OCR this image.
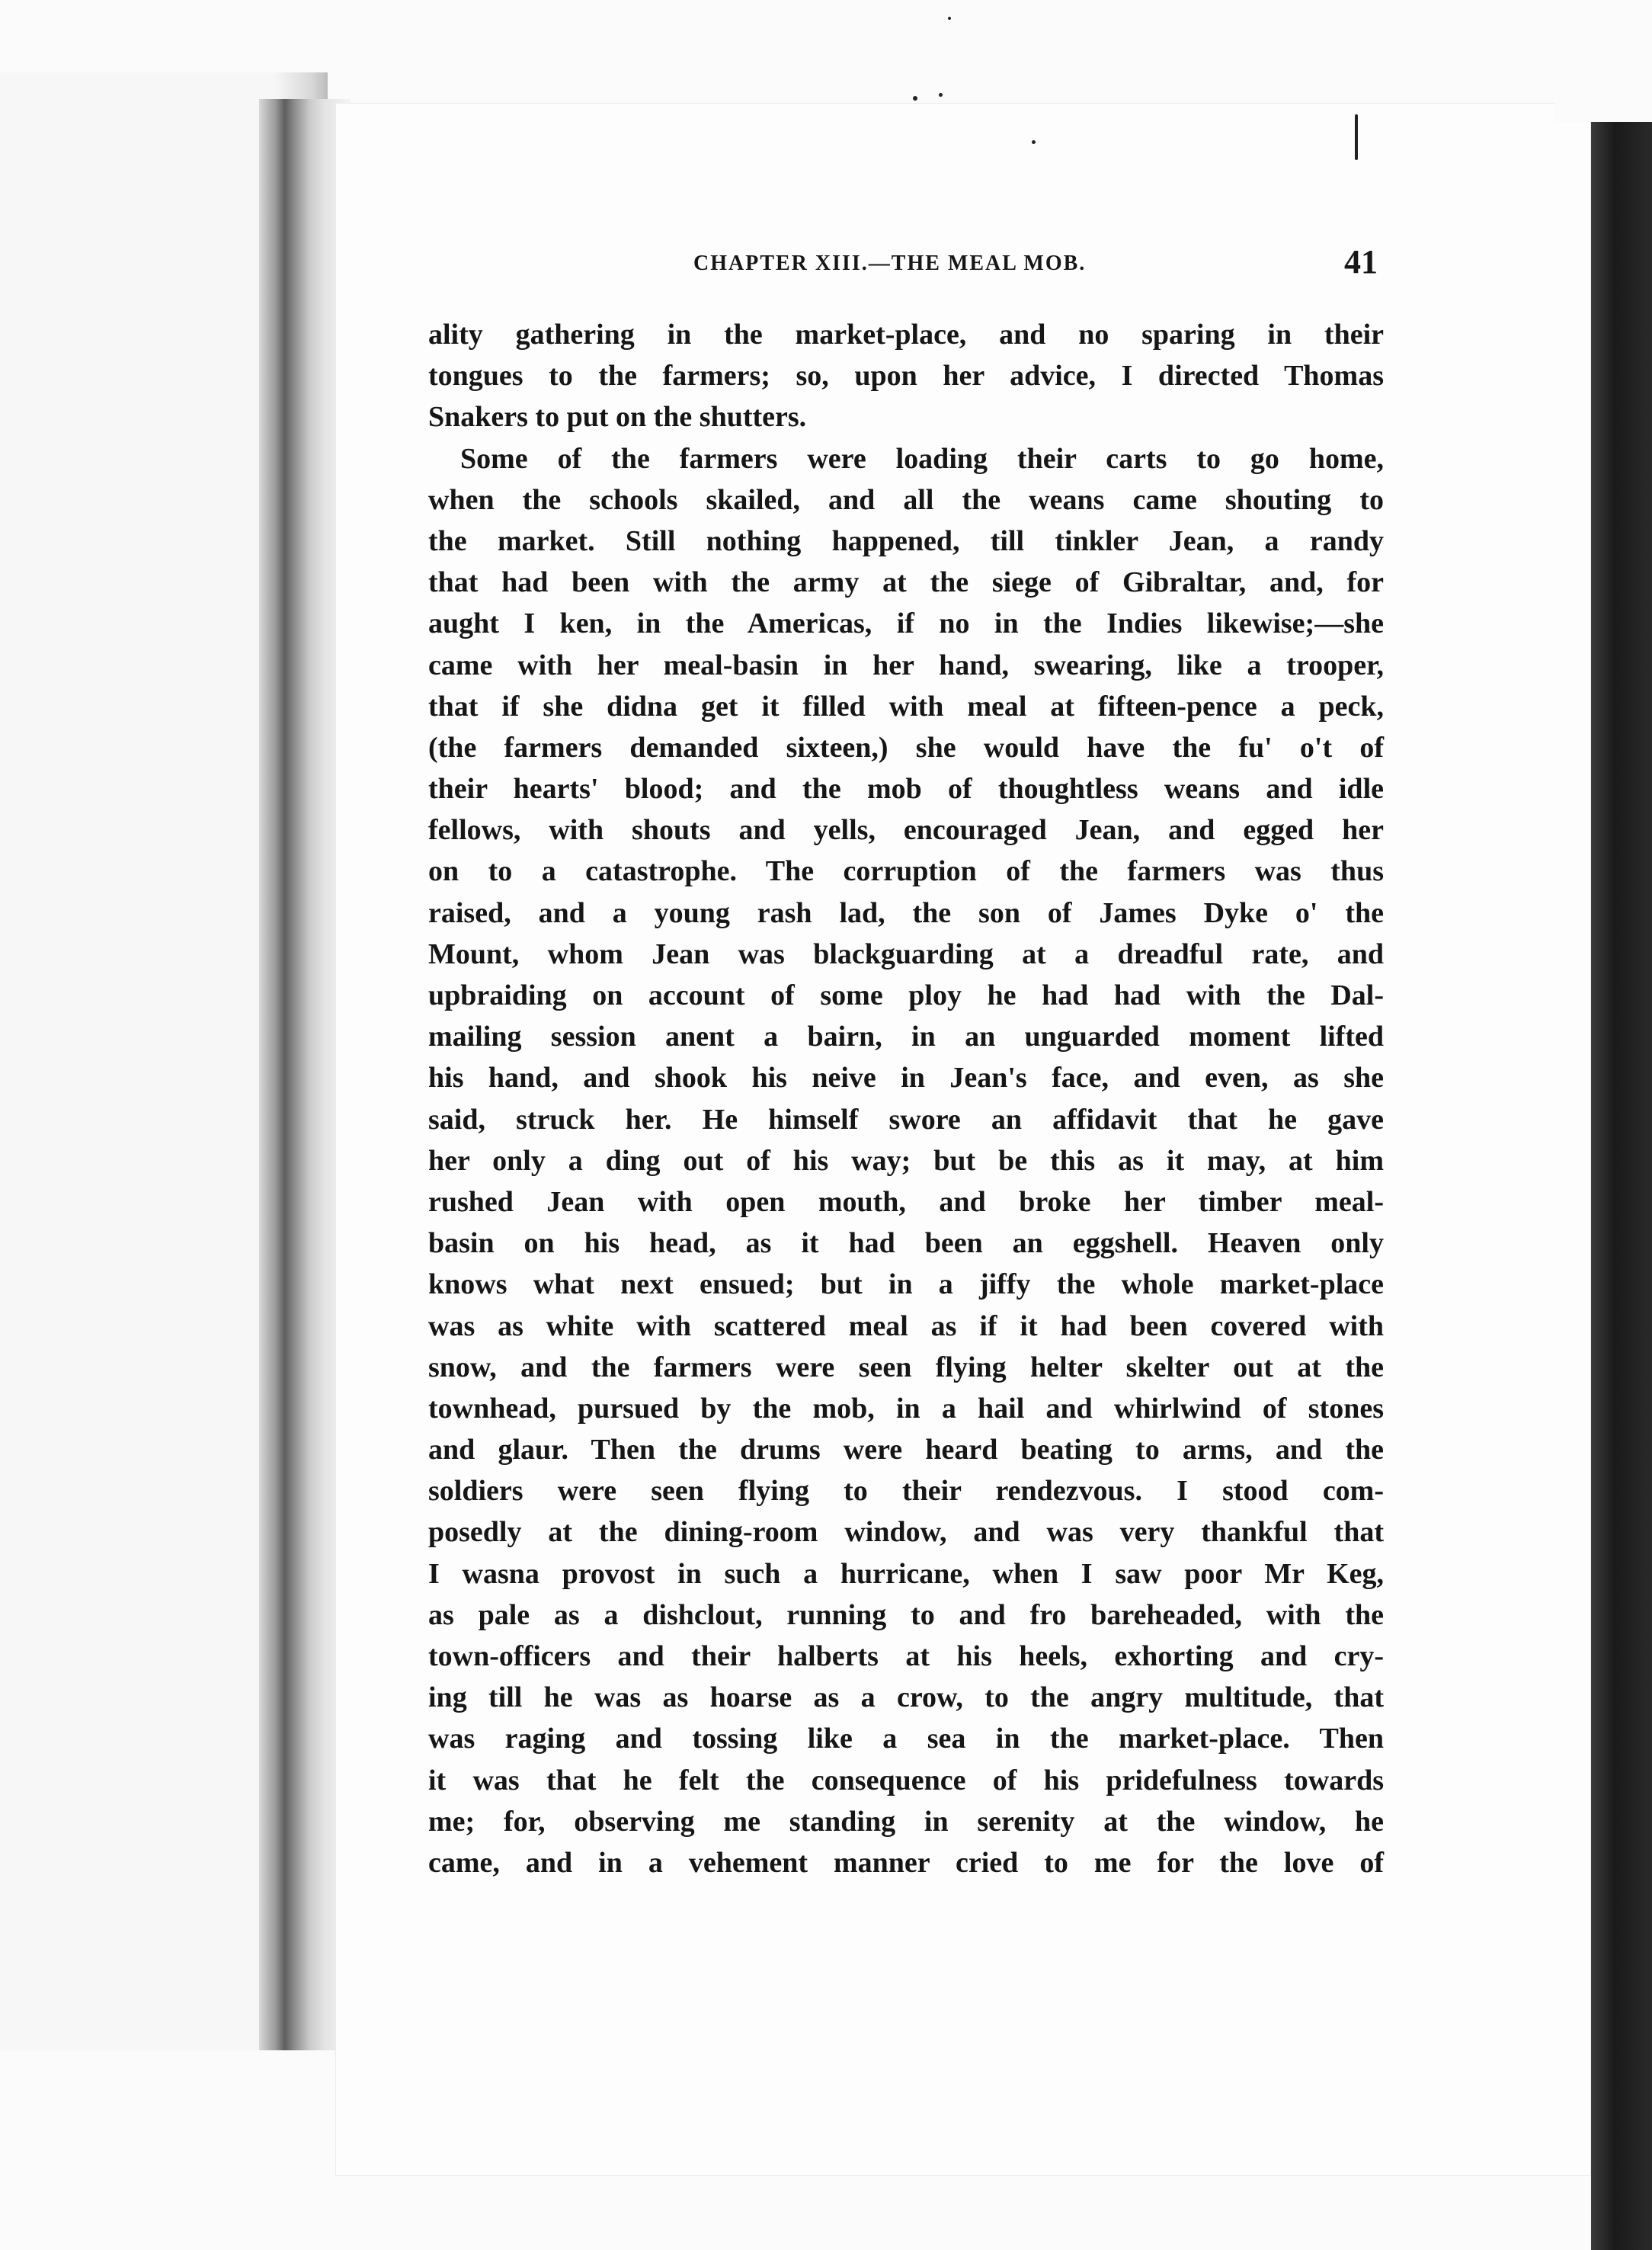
CHAPTER XIII.—THE MEAL MOB.	41
ality gathering in the market-place, and no sparing in their
tongues to the farmers; so, upon her advice, I directed Thomas
Snakers to put on the shutters.
Some of the farmers were loading their carts to go home,
when the schools skailed, and all the weans came shouting to
the market. Still nothing happened, till tinkler Jean, a randy
that had been with the army at the siege of Gibraltar, and, for
aught I ken, in the Americas, if no in the Indies likewise;—she
came with her meal-basin in her hand, swearing, like a trooper,
that if she didna get it filled with meal at fifteen-pence a peck,
(the farmers demanded sixteen,) she would have the fu' o't of
their hearts' blood; and the mob of thoughtless weans and idle
fellows, with shouts and yells, encouraged Jean, and egged her
on to a catastrophe. The corruption of the farmers was thus
raised, and a young rash lad, the son of James Dyke o' the
Mount, whom Jean was blackguarding at a dreadful rate, and
upbraiding on account of some ploy he had had with the Dal-
mailing session anent a bairn, in an unguarded moment lifted
his hand, and shook his neive in Jean's face, and even, as she
said, struck her. He himself swore an affidavit that he gave
her only a ding out of his way; but be this as it may, at him
rushed Jean with open mouth, and broke her timber meal-
basin on his head, as it had been an eggshell. Heaven only
knows what next ensued; but in a jiffy the whole market-place
was as white with scattered meal as if it had been covered with
snow, and the farmers were seen flying helter skelter out at the
townhead, pursued by the mob, in a hail and whirlwind of stones
and glaur. Then the drums were heard beating to arms, and the
soldiers were seen flying to their rendezvous. I stood com-
posedly at the dining-room window, and was very thankful that
I wasna provost in such a hurricane, when I saw poor Mr Keg,
as pale as a dishclout, running to and fro bareheaded, with the
town-officers and their halberts at his heels, exhorting and cry-
ing till he was as hoarse as a crow, to the angry multitude, that
was raging and tossing like a sea in the market-place. Then
it was that he felt the consequence of his pridefulness towards
me; for, observing me standing in serenity at the window, he
came, and in a vehement manner cried to me for the love of
